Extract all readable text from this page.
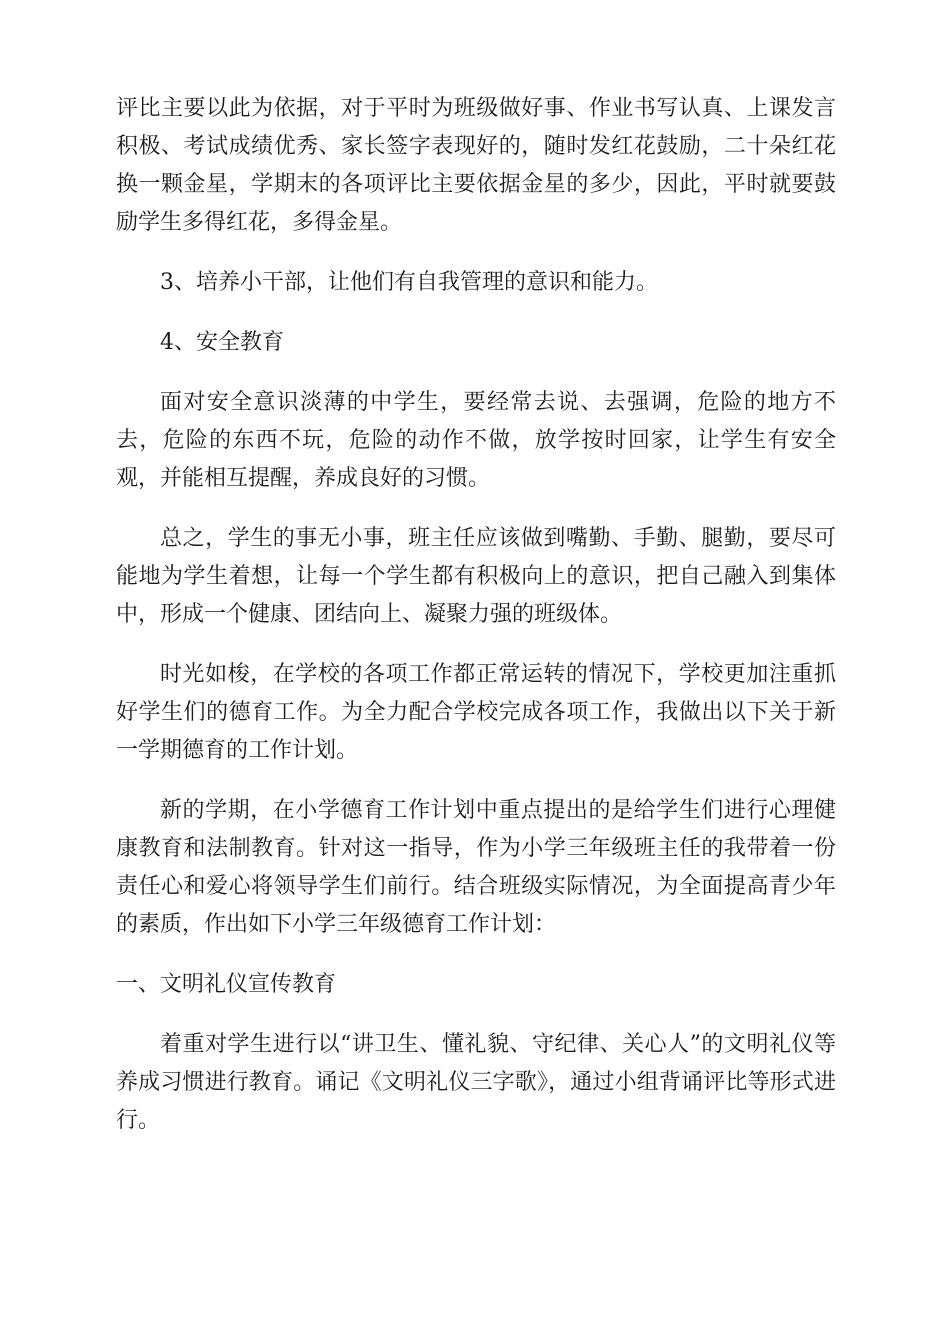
评比主要以此为依据，对于平时为班级做好事、作业书写认真、上课发言积极、考试成绩优秀、家长签字表现好的，随时发红花鼓励，二十朵红花换一颗金星，学期末的各项评比主要依据金星的多少，因此，平时就要鼓励学生多得红花，多得金星。

3、培养小干部，让他们有自我管理的意识和能力。

4、安全教育

面对安全意识淡薄的中学生，要经常去说、去强调，危险的地方不去，危险的东西不玩，危险的动作不做，放学按时回家，让学生有安全观，并能相互提醒，养成良好的习惯。

总之，学生的事无小事，班主任应该做到嘴勤、手勤、腿勤，要尽可能地为学生着想，让每一个学生都有积极向上的意识，把自己融入到集体中，形成一个健康、团结向上、凝聚力强的班级体。

时光如梭，在学校的各项工作都正常运转的情况下，学校更加注重抓好学生们的德育工作。为全力配合学校完成各项工作，我做出以下关于新一学期德育的工作计划。

新的学期，在小学德育工作计划中重点提出的是给学生们进行心理健康教育和法制教育。针对这一指导，作为小学三年级班主任的我带着一份责任心和爱心将领导学生们前行。结合班级实际情况，为全面提高青少年的素质，作出如下小学三年级德育工作计划：

一、文明礼仪宣传教育

着重对学生进行以“讲卫生、懂礼貌、守纪律、关心人”的文明礼仪等养成习惯进行教育。诵记《文明礼仪三字歌》，通过小组背诵评比等形式进行。
